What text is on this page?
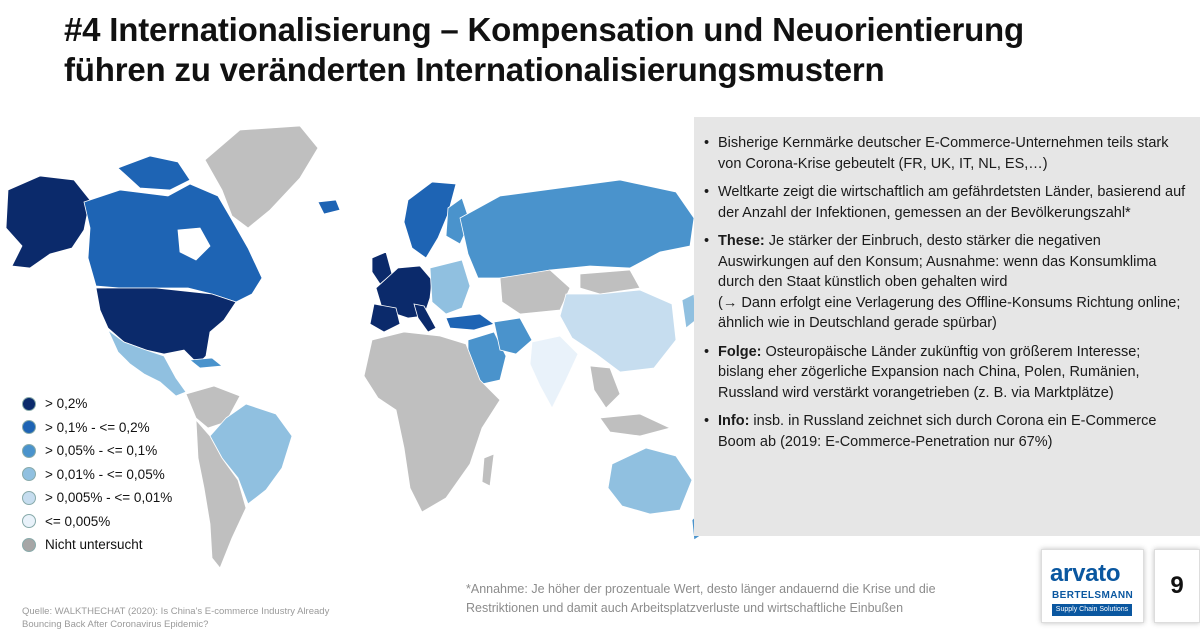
#4 Internationalisierung – Kompensation und Neuorientierung
führen zu veränderten Internationalisierungsmustern
• Bisherige Kernmärke deutscher E-Commerce-Unternehmen teils stark von Corona-Krise gebeutelt (FR, UK, IT, NL, ES,…)
• Weltkarte zeigt die wirtschaftlich am gefährdetsten Länder, basierend auf der Anzahl der Infektionen, gemessen an der Bevölkerungszahl*
• These: Je stärker der Einbruch, desto stärker die negativen Auswirkungen auf den Konsum; Ausnahme: wenn das Konsumklima durch den Staat künstlich oben gehalten wird
(→ Dann erfolgt eine Verlagerung des Offline-Konsums Richtung online; ähnlich wie in Deutschland gerade spürbar)
• Folge: Osteuropäische Länder zukünftig von größerem Interesse; bislang eher zögerliche Expansion nach China, Polen, Rumänien, Russland wird verstärkt vorangetrieben (z. B. via Marktplätze)
• Info: insb. in Russland zeichnet sich durch Corona ein E-Commerce Boom ab (2019: E-Commerce-Penetration nur 67%)
> 0,2%
> 0,1% - <= 0,2%
> 0,05% - <= 0,1%
> 0,01% - <= 0,05%
> 0,005% - <= 0,01%
<= 0,005%
Nicht untersucht
*Annahme: Je höher der prozentuale Wert, desto länger andauernd die Krise und die Restriktionen und damit auch Arbeitsplatzverluste und wirtschaftliche Einbußen
Quelle: WALKTHECHAT (2020): Is China's E-commerce Industry Already Bouncing Back After Coronavirus Epidemic?
arvato
BERTELSMANN
Supply Chain Solutions
9
